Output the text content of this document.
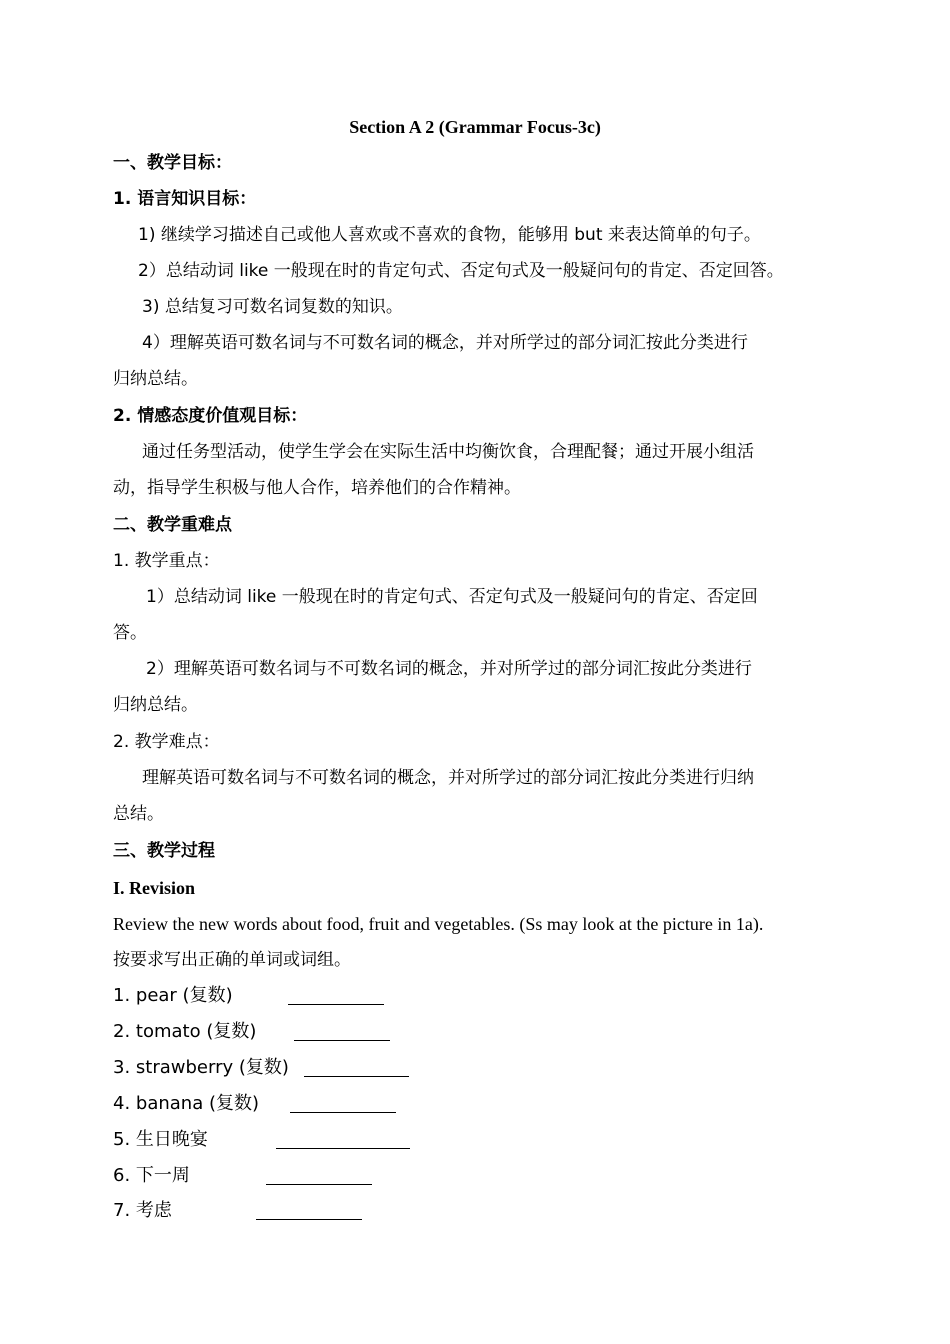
Section A 2 (Grammar Focus-3c)
一、教学目标：
1. 语言知识目标：
1) 继续学习描述自己或他人喜欢或不喜欢的食物，能够用 but 来表达简单的句子。
2）总结动词 like 一般现在时的肯定句式、否定句式及一般疑问句的肯定、否定回答。
3) 总结复习可数名词复数的知识。
4）理解英语可数名词与不可数名词的概念，并对所学过的部分词汇按此分类进行
归纳总结。
2. 情感态度价值观目标：
通过任务型活动，使学生学会在实际生活中均衡饮食，合理配餐；通过开展小组活
动，指导学生积极与他人合作，培养他们的合作精神。
二、教学重难点
1. 教学重点：
1）总结动词 like 一般现在时的肯定句式、否定句式及一般疑问句的肯定、否定回
答。
2）理解英语可数名词与不可数名词的概念，并对所学过的部分词汇按此分类进行
归纳总结。
2. 教学难点：
理解英语可数名词与不可数名词的概念，并对所学过的部分词汇按此分类进行归纳
总结。
三、教学过程
I. Revision
Review the new words about food, fruit and vegetables. (Ss may look at the picture in 1a).
按要求写出正确的单词或词组。
1. pear (复数)
2. tomato (复数)
3. strawberry (复数)
4. banana (复数)
5. 生日晚宴
6. 下一周
7. 考虑
